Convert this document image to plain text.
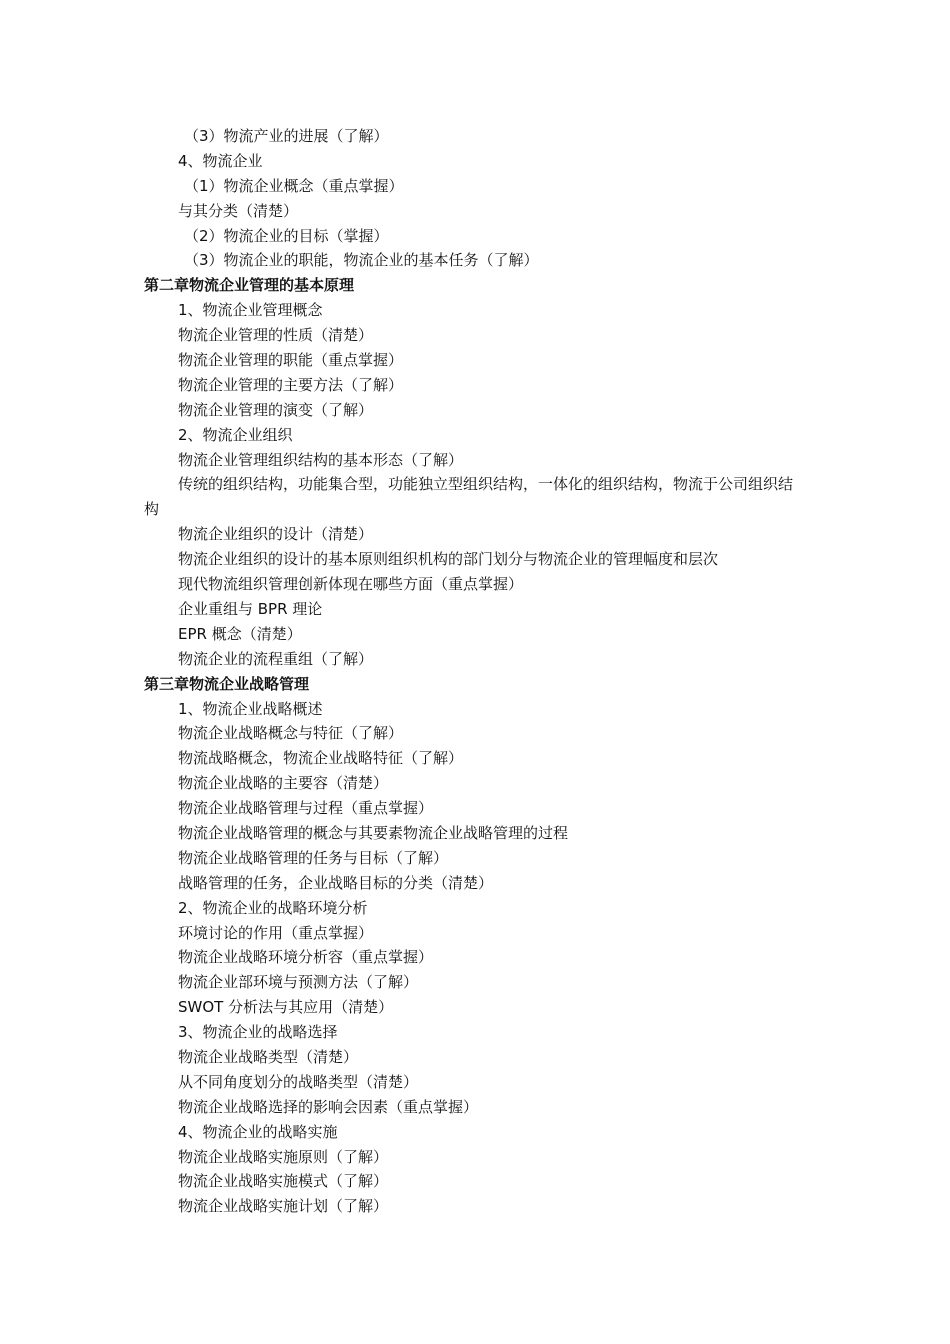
（3）物流产业的进展（了解）

4、物流企业

（1）物流企业概念（重点掌握）

与其分类（清楚）

（2）物流企业的目标（掌握）

（3）物流企业的职能，物流企业的基本任务（了解）

第二章物流企业管理的基本原理

1、物流企业管理概念

物流企业管理的性质（清楚）

物流企业管理的职能（重点掌握）

物流企业管理的主要方法（了解）

物流企业管理的演变（了解）

2、物流企业组织

物流企业管理组织结构的基本形态（了解）

传统的组织结构，功能集合型，功能独立型组织结构，一体化的组织结构，物流于公司组织结构

物流企业组织的设计（清楚）

物流企业组织的设计的基本原则组织机构的部门划分与物流企业的管理幅度和层次

现代物流组织管理创新体现在哪些方面（重点掌握）

企业重组与 BPR 理论

EPR 概念（清楚）

物流企业的流程重组（了解）

第三章物流企业战略管理

1、物流企业战略概述

物流企业战略概念与特征（了解）

物流战略概念，物流企业战略特征（了解）

物流企业战略的主要容（清楚）

物流企业战略管理与过程（重点掌握）

物流企业战略管理的概念与其要素物流企业战略管理的过程

物流企业战略管理的任务与目标（了解）

战略管理的任务，企业战略目标的分类（清楚）

2、物流企业的战略环境分析

环境讨论的作用（重点掌握）

物流企业战略环境分析容（重点掌握）

物流企业部环境与预测方法（了解）

SWOT 分析法与其应用（清楚）

3、物流企业的战略选择

物流企业战略类型（清楚）

从不同角度划分的战略类型（清楚）

物流企业战略选择的影响会因素（重点掌握）

4、物流企业的战略实施

物流企业战略实施原则（了解）

物流企业战略实施模式（了解）

物流企业战略实施计划（了解）
